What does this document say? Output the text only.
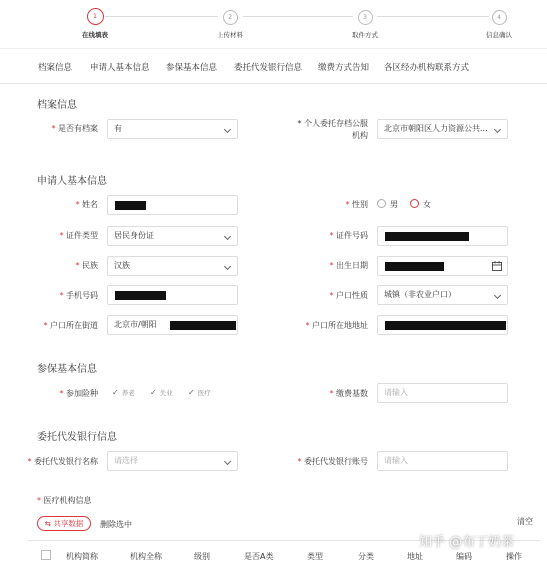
1
在线填表
2
上传材料
3
取件方式
4
信息确认
档案信息 申请人基本信息 参保基本信息 委托代发银行信息 缴费方式告知 各区经办机构联系方式
档案信息
* 是否有档案	有
* 个人委托存档公服
机构
北京市朝阳区人力资源公共...
申请人基本信息
* 姓名	* 性别	男	女
* 证件类型	居民身份证	* 证件号码
* 民族	汉族	* 出生日期
* 手机号码	* 户口性质	城镇（非农业户口）
* 户口所在街道	北京市/朝阳	* 户口所在地地址
参保基本信息
* 参加险种 ✓ 养老 ✓ 失业 ✓ 医疗	* 缴费基数	请输入
委托代发银行信息
* 委托代发银行名称	请选择	* 委托代发银行账号	请输入
* 医疗机构信息
⇆ 共享数据	删除选中	清空
机构简称	机构全称	级别	是否A类	类型	分类	地址	编码	操作
知乎 @布丁奶茶
